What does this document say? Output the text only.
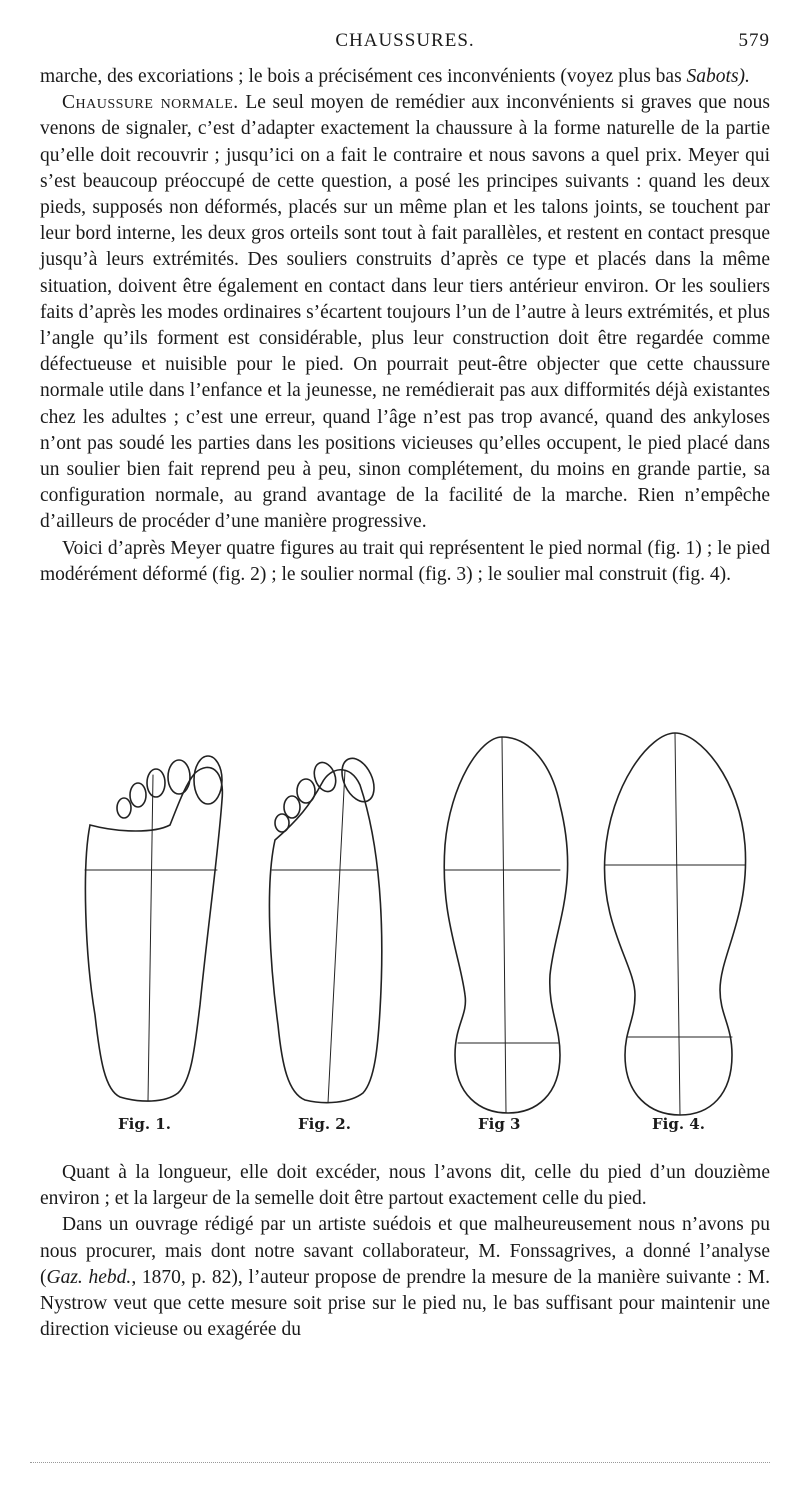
CHAUSSURES.	579

marche, des excoriations ; le bois a précisément ces inconvénients (voyez plus bas Sabots).

Chaussure normale. Le seul moyen de remédier aux inconvénients si graves que nous venons de signaler, c’est d’adapter exactement la chaussure à la forme naturelle de la partie qu’elle doit recouvrir ; jusqu’ici on a fait le contraire et nous savons a quel prix. Meyer qui s’est beaucoup préoccupé de cette question, a posé les principes suivants : quand les deux pieds, supposés non déformés, placés sur un même plan et les talons joints, se touchent par leur bord interne, les deux gros orteils sont tout à fait parallèles, et restent en contact presque jusqu’à leurs extrémités. Des souliers construits d’après ce type et placés dans la même situation, doivent être également en contact dans leur tiers antérieur environ. Or les souliers faits d’après les modes ordinaires s’écartent toujours l’un de l’autre à leurs extrémités, et plus l’angle qu’ils forment est considérable, plus leur construction doit être regardée comme défectueuse et nuisible pour le pied. On pourrait peut-être objecter que cette chaussure normale utile dans l’enfance et la jeunesse, ne remédierait pas aux difformités déjà existantes chez les adultes ; c’est une erreur, quand l’âge n’est pas trop avancé, quand des ankyloses n’ont pas soudé les parties dans les positions vicieuses qu’elles occupent, le pied placé dans un soulier bien fait reprend peu à peu, sinon complétement, du moins en grande partie, sa configuration normale, au grand avantage de la facilité de la marche. Rien n’empêche d’ailleurs de procéder d’une manière progressive.

Voici d’après Meyer quatre figures au trait qui représentent le pied normal (fig. 1) ; le pied modérément déformé (fig. 2) ; le soulier normal (fig. 3) ; le soulier mal construit (fig. 4).

Fig. 1.	Fig. 2.	Fig 3	Fig. 4.

Quant à la longueur, elle doit excéder, nous l’avons dit, celle du pied d’un douzième environ ; et la largeur de la semelle doit être partout exactement celle du pied.

Dans un ouvrage rédigé par un artiste suédois et que malheureusement nous n’avons pu nous procurer, mais dont notre savant collaborateur, M. Fonssagrives, a donné l’analyse (Gaz. hebd., 1870, p. 82), l’auteur propose de prendre la mesure de la manière suivante : M. Nystrow veut que cette mesure soit prise sur le pied nu, le bas suffisant pour maintenir une direction vicieuse ou exagérée du
